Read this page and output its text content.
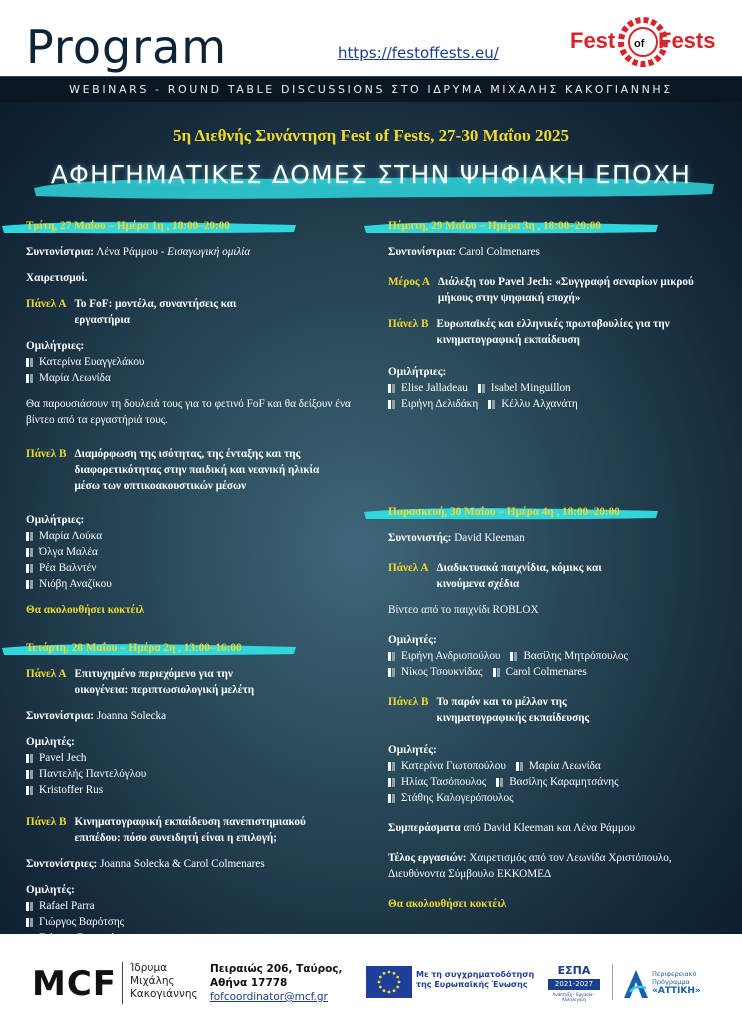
Program	https://festoffests.eu/	Fest of Fests
WEBINARS - ROUND TABLE DISCUSSIONS ΣΤΟ ΙΔΡΥΜΑ ΜΙΧΑΛΗΣ ΚΑΚΟΓΙΑΝΝΗΣ
5η Διεθνής Συνάντηση Fest of Fests, 27-30 Μαΐου 2025
ΑΦΗΓΗΜΑΤΙΚΕΣ ΔΟΜΕΣ ΣΤΗΝ ΨΗΦΙΑΚΗ ΕΠΟΧΗ
Τρίτη, 27 Μαΐου – Ημέρα 1η , 18:00–20:00
Συντονίστρια: Λένα Ράμμου - Εισαγωγική ομιλία
Χαιρετισμοί.
Πάνελ Α To FoF: μοντέλα, συναντήσεις και εργαστήρια
Ομιλήτριες:
Κατερίνα Ευαγγελάκου
Μαρία Λεωνίδα
Θα παρουσιάσουν τη δουλειά τους για το φετινό FoF και θα δείξουν ένα βίντεο από τα εργαστήριά τους.
Πάνελ Β Διαμόρφωση της ισότητας, της ένταξης και της διαφορετικότητας στην παιδική και νεανική ηλικία μέσω των οπτικοακουστικών μέσων
Ομιλήτριες:
Μαρία Λούκα
Όλγα Μαλέα
Ρέα Βαλντέν
Νιόβη Αναζίκου
Θα ακολουθήσει κοκτέιλ
Τετάρτη, 28 Μαΐου – Ημέρα 2η , 13:00–16:00
Πάνελ Α Επιτυχημένο περιεχόμενο για την οικογένεια: περιπτωσιολογική μελέτη
Συντονίστρια: Joanna Solecka
Ομιλητές:
Pavel Jech
Παντελής Παντελόγλου
Kristoffer Rus
Πάνελ Β Κινηματογραφική εκπαίδευση πανεπιστημιακού επιπέδου: πόσο συνειδητή είναι η επιλογή;
Συντονίστριες: Joanna Solecka & Carol Colmenares
Ομιλητές:
Rafael Parra
Γιώργος Βαρότσης
Πέμπτη, 29 Μαΐου – Ημέρα 3η , 18:00–20:00
Συντονίστρια: Carol Colmenares
Μέρος Α Διάλεξη του Pavel Jech: «Συγγραφή σεναρίων μικρού μήκους στην ψηφιακή εποχή»
Πάνελ Β Ευρωπαϊκές και ελληνικές πρωτοβουλίες για την κινηματογραφική εκπαίδευση
Ομιλήτριες:
Elise Jalladeau Isabel Minguillon
Ειρήνη Δελιδάκη Κέλλυ Αλχανάτη
Παρασκευή, 30 Μαΐου – Ημέρα 4η , 18:00–20:00
Συντονιστής: David Kleeman
Πάνελ Α Διαδικτυακά παιχνίδια, κόμικς και κινούμενα σχέδια
Βίντεο από το παιχνίδι ROBLOX
Ομιλητές:
Ειρήνη Ανδριοπούλου Βασίλης Μητρόπουλος
Νίκος Τσουκνίδας Carol Colmenares
Πάνελ Β Το παρόν και το μέλλον της κινηματογραφικής εκπαίδευσης
Ομιλητές:
Κατερίνα Γιωτοπούλου Μαρία Λεωνίδα
Ηλίας Τασόπουλος Βασίλης Καραμητσάνης
Στάθης Καλογερόπουλος
Συμπεράσματα από David Kleeman και Λένα Ράμμου
Τέλος εργασιών: Χαιρετισμός από τον Λεωνίδα Χριστόπουλο, Διευθύνοντα Σύμβουλο ΕΚΚΟΜΕΔ
Θα ακολουθήσει κοκτέιλ
MCF Ίδρυμα
Μιχάλης
Κακογιάννης
Πειραιώς 206, Ταύρος,
Αθήνα 17778
fofcoordinator@mcf.gr
Με τη συγχρηματοδότηση
της Ευρωπαϊκής Ένωσης
ΕΣΠΑ
2021-2027
Ανάπτυξη - Εργασία - Αλληλεγγύη
Περιφερειακό
Πρόγραμμα
«ΑΤΤΙΚΗ»
